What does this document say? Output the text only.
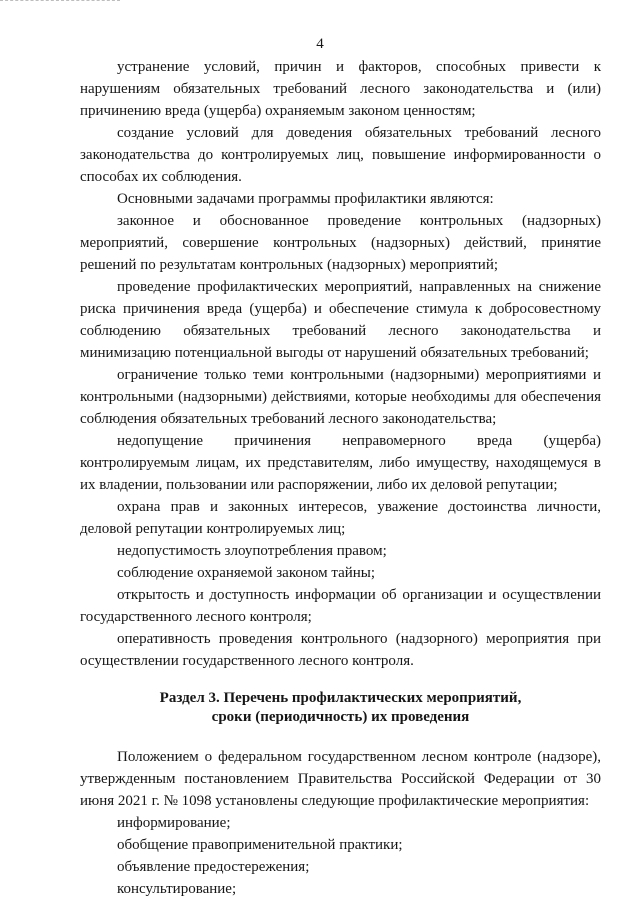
4

устранение условий, причин и факторов, способных привести к нарушениям обязательных требований лесного законодательства и (или) причинению вреда (ущерба) охраняемым законом ценностям;

создание условий для доведения обязательных требований лесного законодательства до контролируемых лиц, повышение информированности о способах их соблюдения.

Основными задачами программы профилактики являются:

законное и обоснованное проведение контрольных (надзорных) мероприятий, совершение контрольных (надзорных) действий, принятие решений по результатам контрольных (надзорных) мероприятий;

проведение профилактических мероприятий, направленных на снижение риска причинения вреда (ущерба) и обеспечение стимула к добросовестному соблюдению обязательных требований лесного законодательства и минимизацию потенциальной выгоды от нарушений обязательных требований;

ограничение только теми контрольными (надзорными) мероприятиями и контрольными (надзорными) действиями, которые необходимы для обеспечения соблюдения обязательных требований лесного законодательства;

недопущение причинения неправомерного вреда (ущерба) контролируемым лицам, их представителям, либо имуществу, находящемуся в их владении, пользовании или распоряжении, либо их деловой репутации;

охрана прав и законных интересов, уважение достоинства личности, деловой репутации контролируемых лиц;

недопустимость злоупотребления правом;

соблюдение охраняемой законом тайны;

открытость и доступность информации об организации и осуществлении государственного лесного контроля;

оперативность проведения контрольного (надзорного) мероприятия при осуществлении государственного лесного контроля.

Раздел 3. Перечень профилактических мероприятий,
сроки (периодичность) их проведения

Положением о федеральном государственном лесном контроле (надзоре), утвержденным постановлением Правительства Российской Федерации от 30 июня 2021 г. № 1098 установлены следующие профилактические мероприятия:

информирование;

обобщение правоприменительной практики;

объявление предостережения;

консультирование;
